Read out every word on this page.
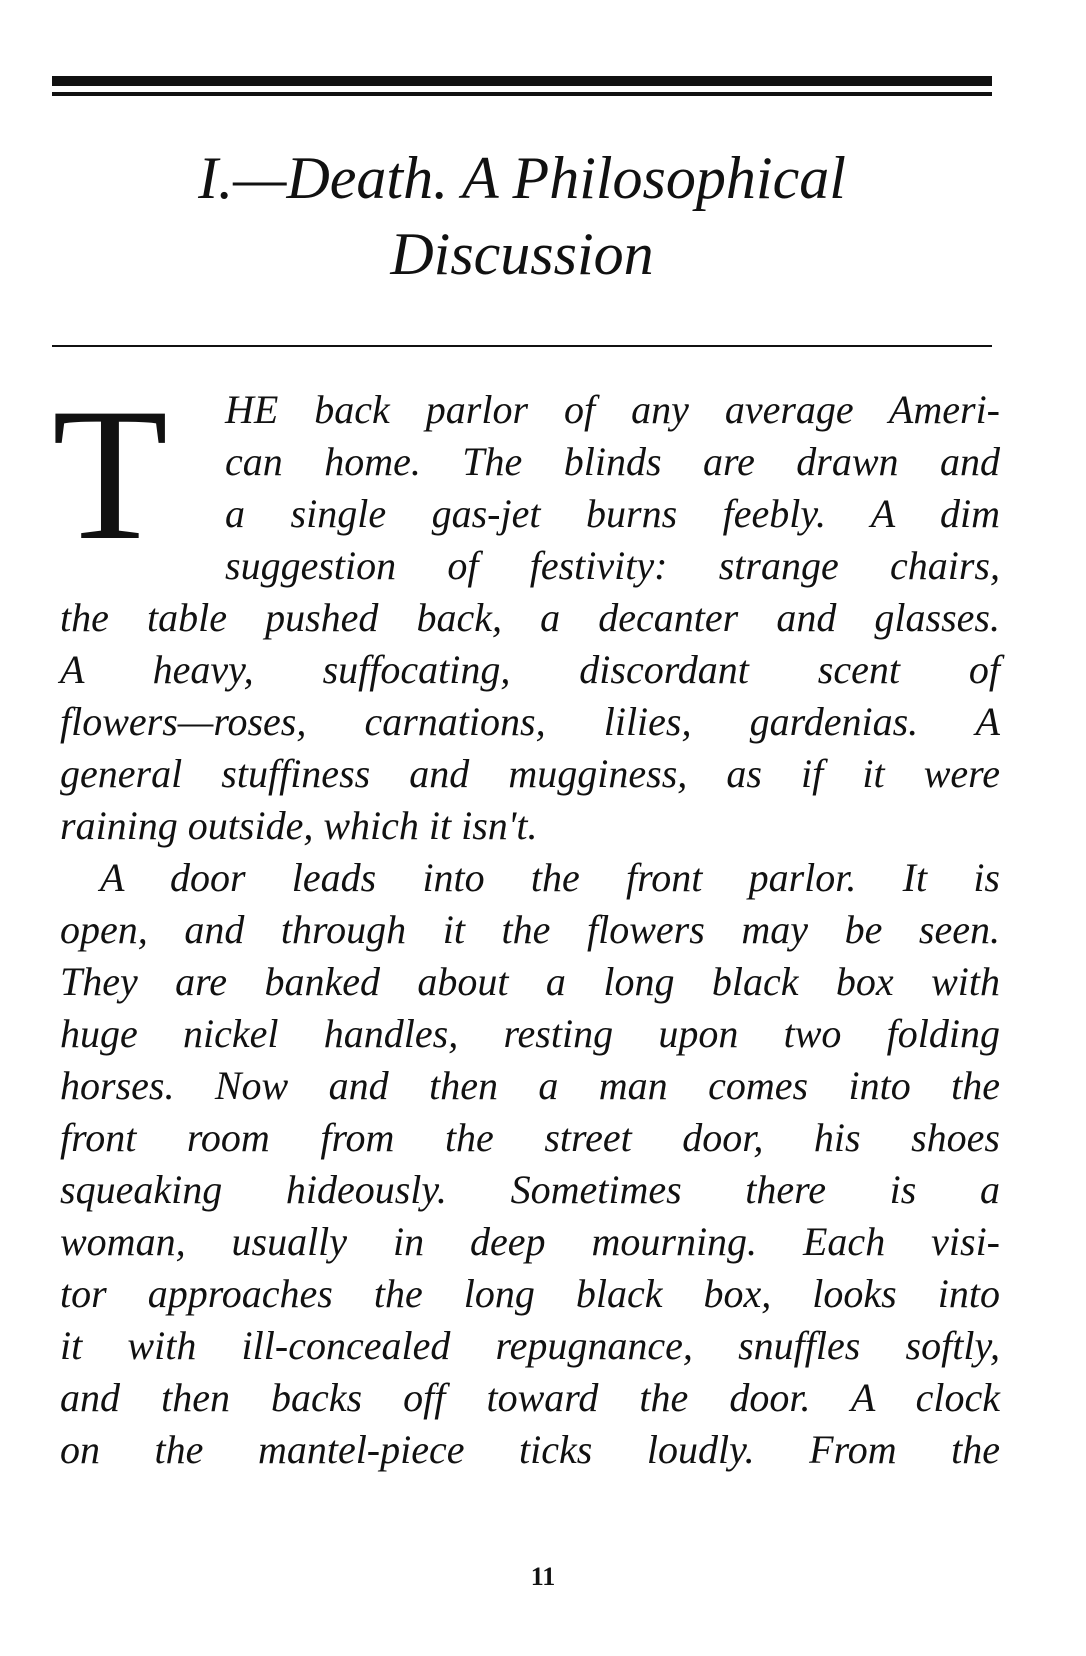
I.—Death. A Philosophical
Discussion
T HE back parlor of any average Ameri-
can home. The blinds are drawn and
a single gas-jet burns feebly. A dim
suggestion of festivity: strange chairs,
the table pushed back, a decanter and glasses.
A heavy, suffocating, discordant scent of
flowers—roses, carnations, lilies, gardenias. A
general stuffiness and mugginess, as if it were
raining outside, which it isn't.
A door leads into the front parlor. It is
open, and through it the flowers may be seen.
They are banked about a long black box with
huge nickel handles, resting upon two folding
horses. Now and then a man comes into the
front room from the street door, his shoes
squeaking hideously. Sometimes there is a
woman, usually in deep mourning. Each visi-
tor approaches the long black box, looks into
it with ill-concealed repugnance, snuffles softly,
and then backs off toward the door. A clock
on the mantel-piece ticks loudly. From the
11
